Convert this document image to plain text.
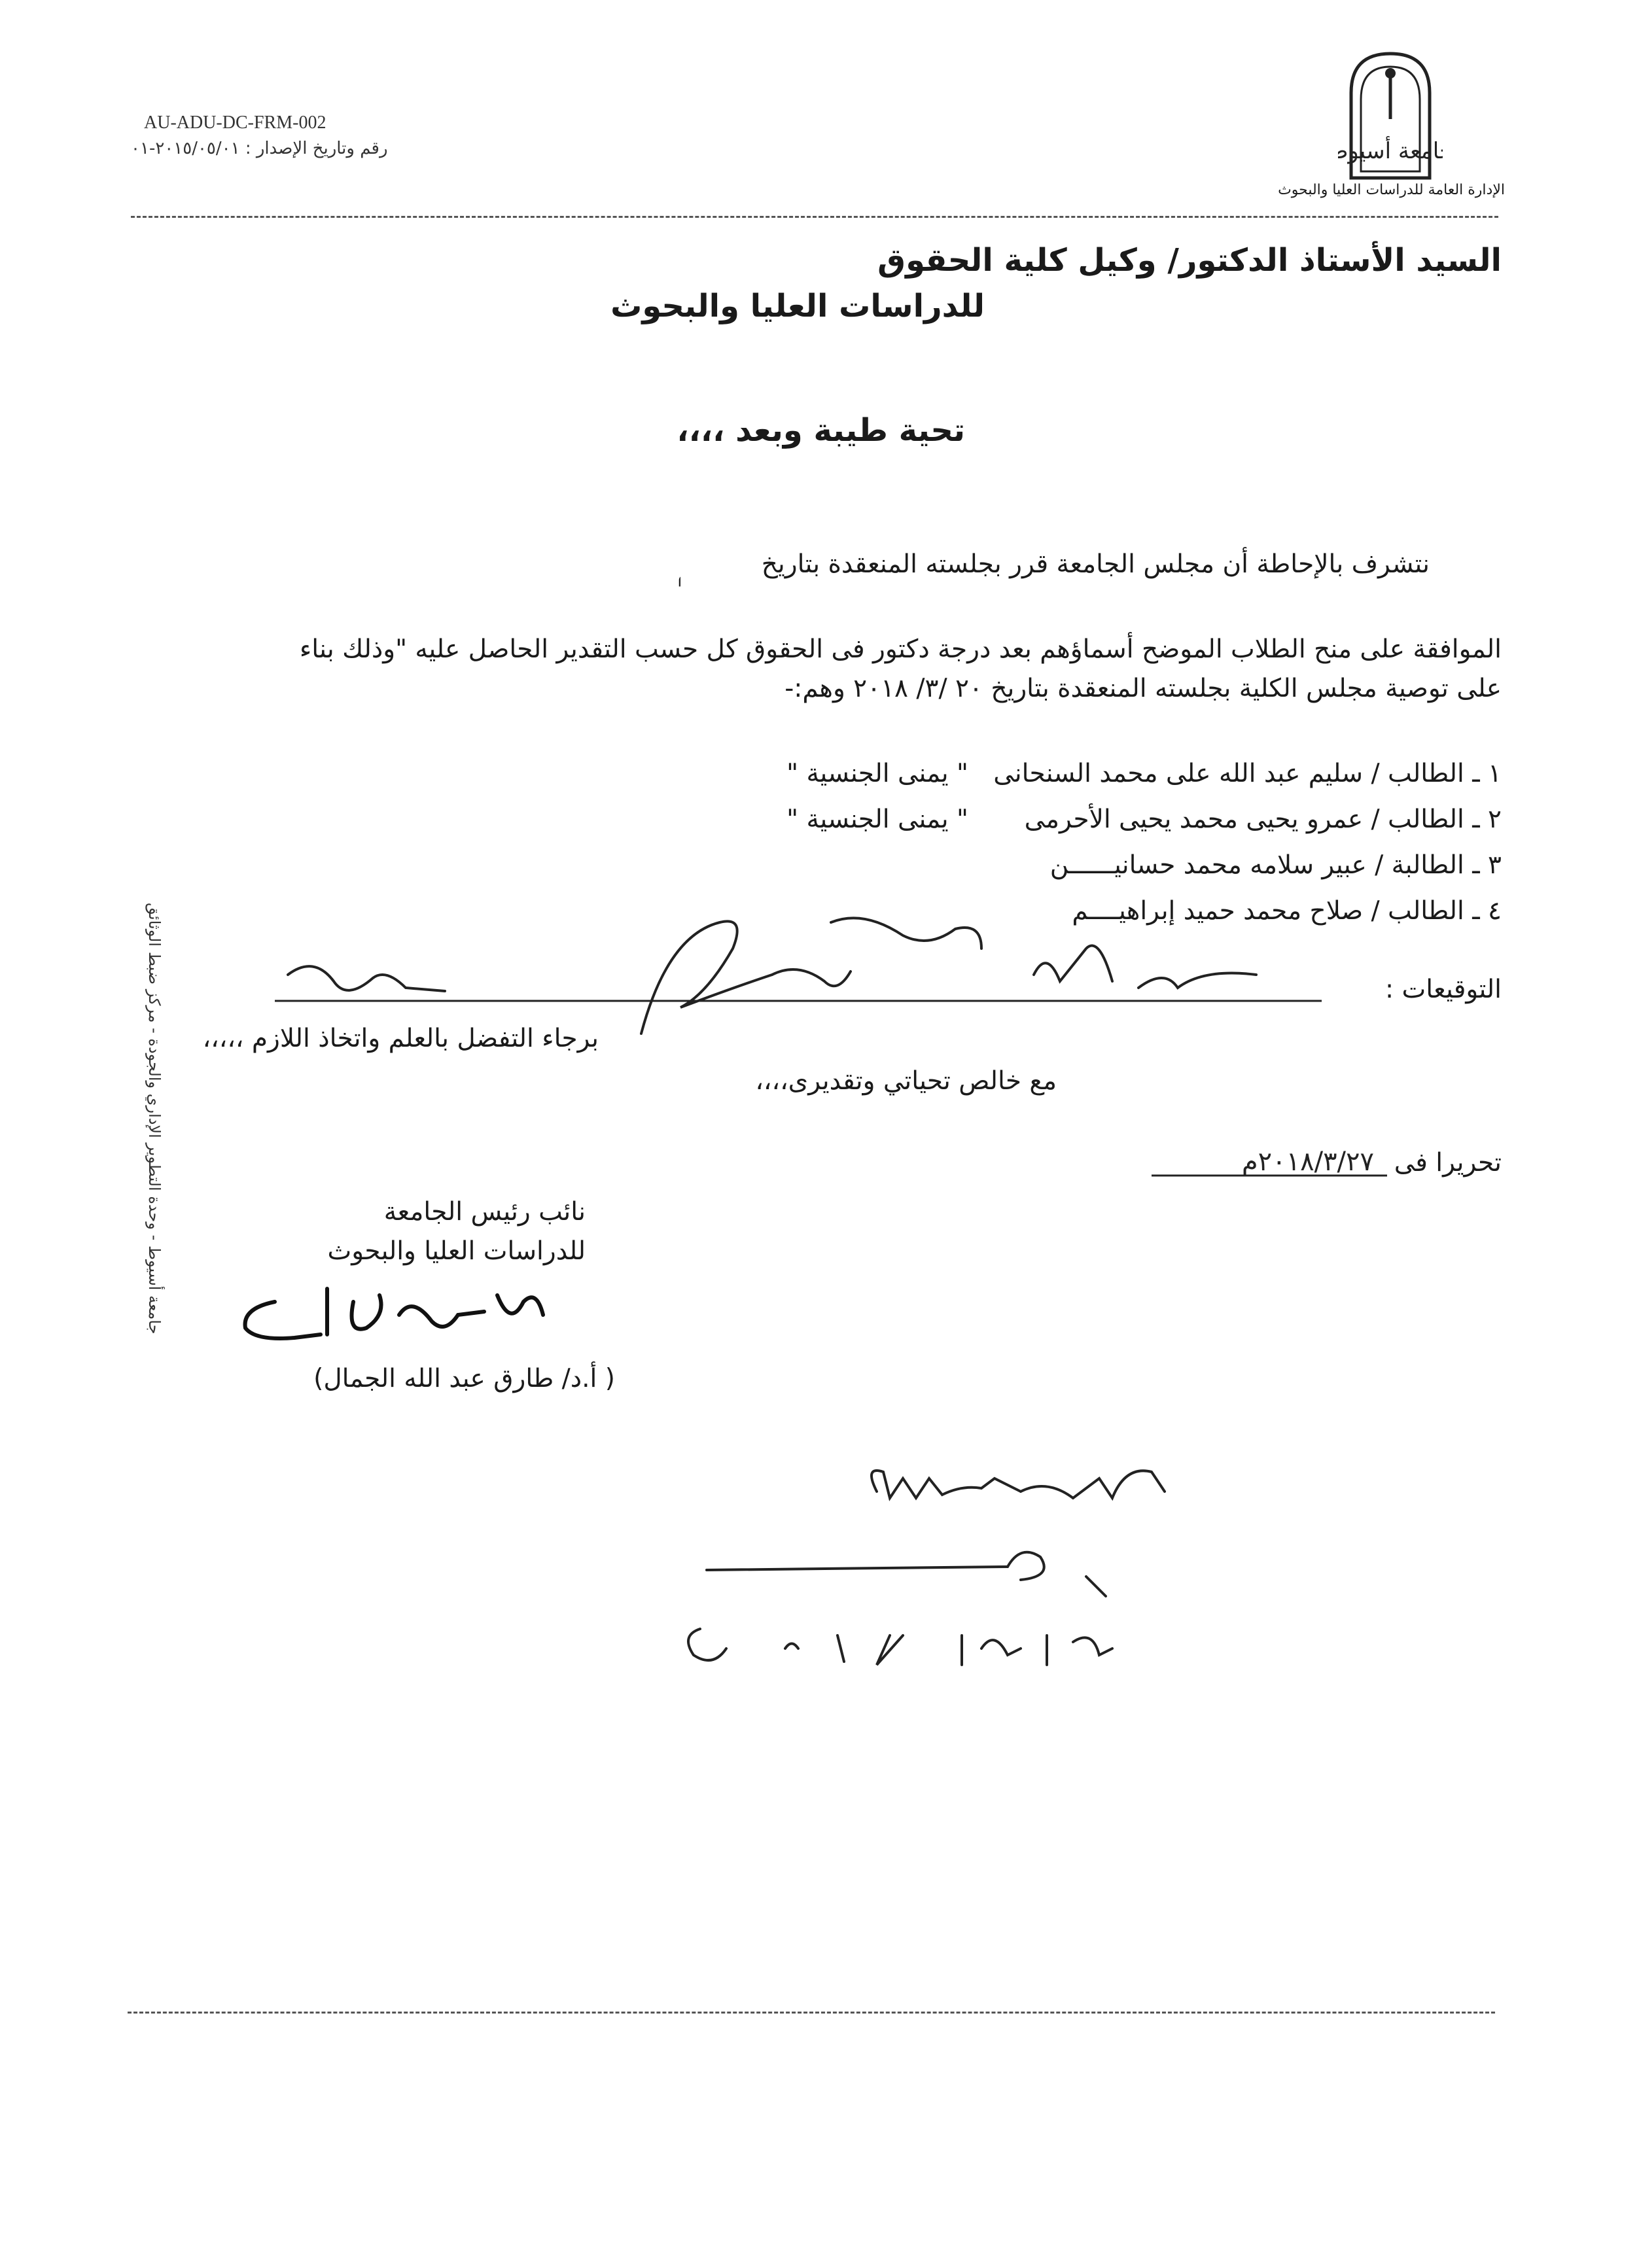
امعة أسيو
الإدارة العامة للدراسات العليا والبحوث
AU-ADU-DC-FRM-002
رقم وتاريخ الإصدار : ٢٠١٥/٠٥/٠١-٠١
السيد الأستاذ الدكتور/ وكيل كلية الحقوق
للدراسات العليا والبحوث
تحية طيبة وبعد ،،،،
نتشرف بالإحاطة أن مجلس الجامعة قرر بجلسته المنعقدة بتاريخ
الموافقة على منح الطلاب الموضح أسماؤهم بعد درجة دكتور فى الحقوق كل حسب التقدير الحاصل عليه "وذلك بناء
على توصية مجلس الكلية بجلسته المنعقدة بتاريخ ٢٠ /٣/ ٢٠١٨ وهم:-
١ ـ الطالب / سليم عبد الله على محمد السنحانى
" يمنى الجنسية "
٢ ـ الطالب / عمرو يحيى محمد يحيى الأحرمى
" يمنى الجنسية "
٣ ـ الطالبة / عبير سلامه محمد حسانيــــــن
٤ ـ الطالب / صلاح محمد حميد إبراهيــــم
التوقيعات :
برجاء التفضل بالعلم واتخاذ اللازم ،،،،،
مع خالص تحياتي وتقديرى،،،،
تحريرا فى
٢٠١٨/٣/٢٧م
نائب رئيس الجامعة
للدراسات العليا والبحوث
( أ.د/ طارق عبد الله الجمال)
جامعة أسيوط - وحدة التطوير الإداري والجودة - مركز ضبط الوثائق
